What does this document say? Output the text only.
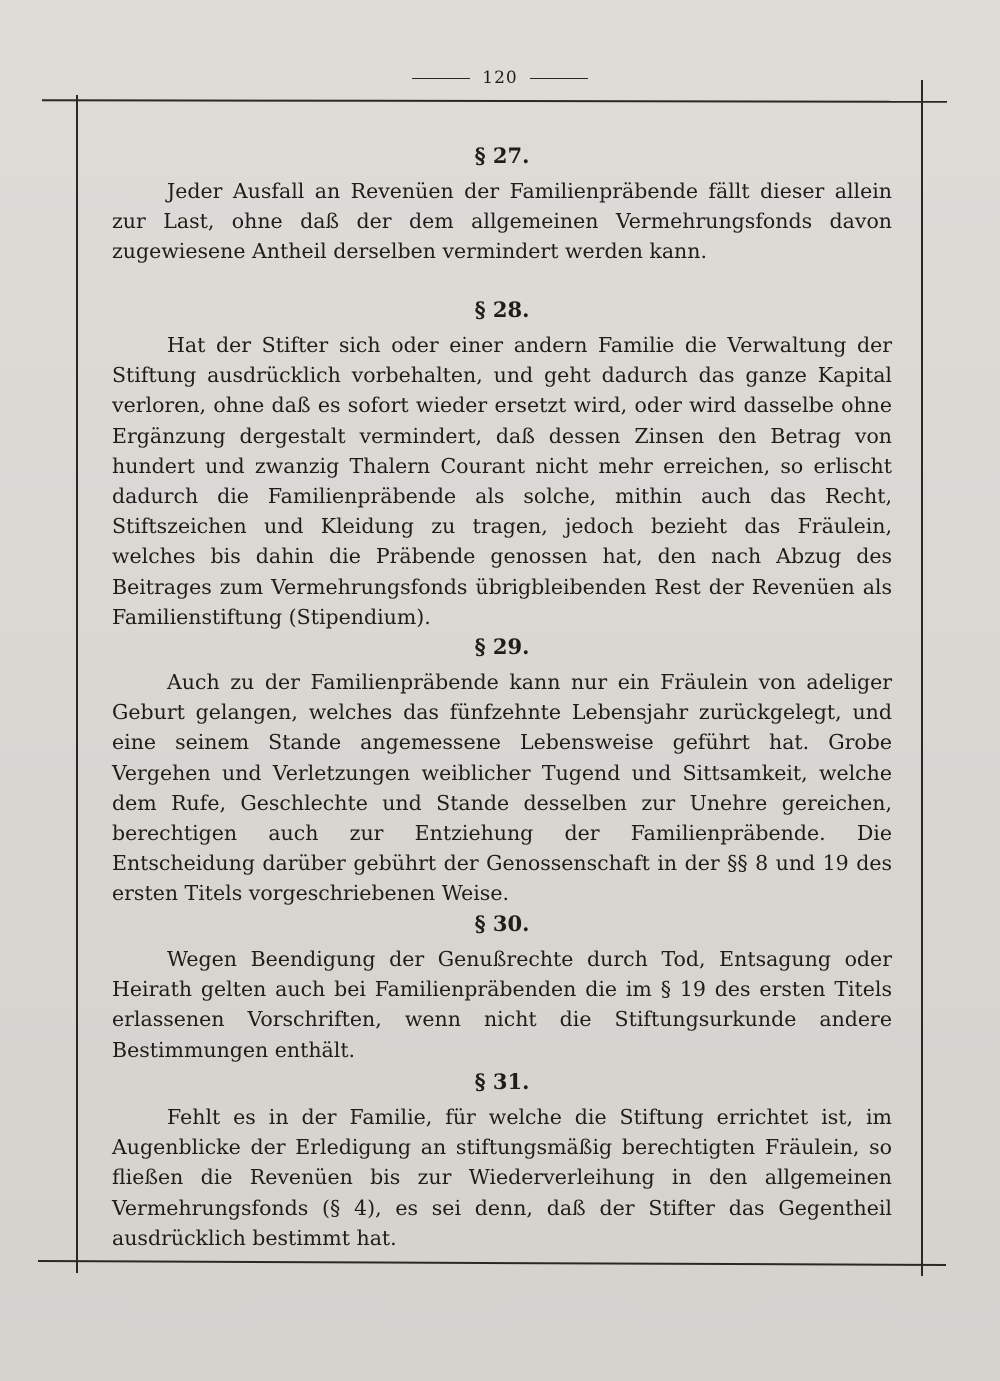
120
§ 27.

Jeder Ausfall an Revenüen der Familienpräbende fällt dieser allein zur Last, ohne daß der dem allgemeinen Vermehrungsfonds davon zugewiesene Antheil derselben vermindert werden kann.

§ 28.

Hat der Stifter sich oder einer andern Familie die Verwaltung der Stiftung ausdrücklich vorbehalten, und geht dadurch das ganze Kapital verloren, ohne daß es sofort wieder ersetzt wird, oder wird dasselbe ohne Ergänzung dergestalt vermindert, daß dessen Zinsen den Betrag von hundert und zwanzig Thalern Courant nicht mehr erreichen, so erlischt dadurch die Familienpräbende als solche, mithin auch das Recht, Stiftszeichen und Kleidung zu tragen, jedoch bezieht das Fräulein, welches bis dahin die Präbende genossen hat, den nach Abzug des Beitrages zum Vermehrungsfonds übrigbleibenden Rest der Revenüen als Familienstiftung (Stipendium).

§ 29.

Auch zu der Familienpräbende kann nur ein Fräulein von adeliger Geburt gelangen, welches das fünfzehnte Lebensjahr zurückgelegt, und eine seinem Stande angemessene Lebensweise geführt hat. Grobe Vergehen und Verletzungen weiblicher Tugend und Sittsamkeit, welche dem Rufe, Geschlechte und Stande desselben zur Unehre gereichen, berechtigen auch zur Entziehung der Familienpräbende. Die Entscheidung darüber gebührt der Genossenschaft in der §§ 8 und 19 des ersten Titels vorgeschriebenen Weise.

§ 30.

Wegen Beendigung der Genußrechte durch Tod, Entsagung oder Heirath gelten auch bei Familienpräbenden die im § 19 des ersten Titels erlassenen Vorschriften, wenn nicht die Stiftungsurkunde andere Bestimmungen enthält.

§ 31.

Fehlt es in der Familie, für welche die Stiftung errichtet ist, im Augenblicke der Erledigung an stiftungsmäßig berechtigten Fräulein, so fließen die Revenüen bis zur Wiederverleihung in den allgemeinen Vermehrungsfonds (§ 4), es sei denn, daß der Stifter das Gegentheil ausdrücklich bestimmt hat.
